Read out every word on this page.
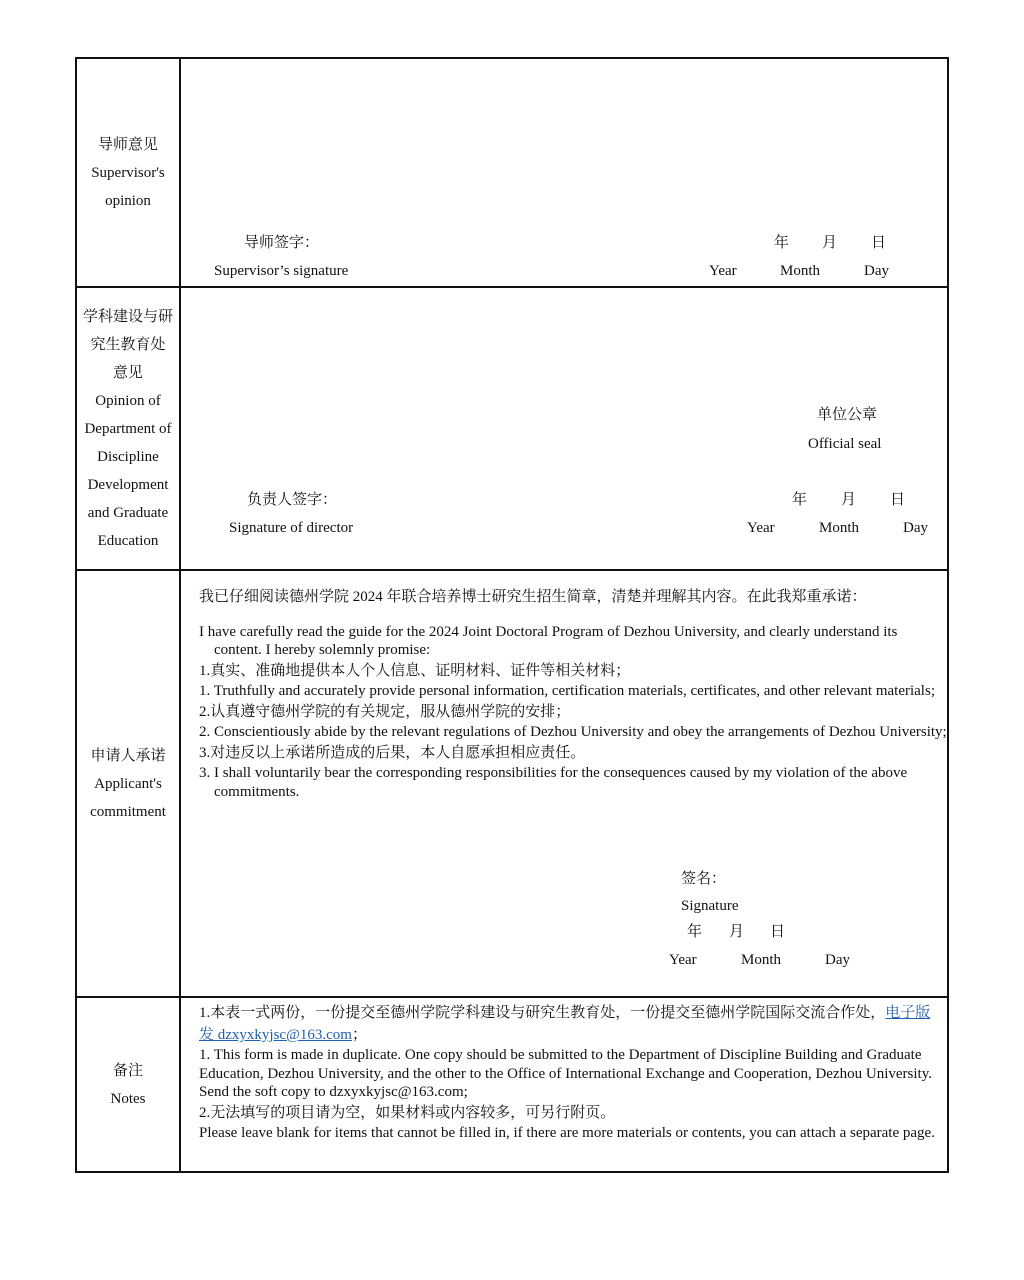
导师意见
Supervisor's
opinion
导师签字：
Supervisor’s signature
年 月 日
Year	Month	Day
学科建设与研
究生教育处
意见
Opinion of
Department of
Discipline
Development
and Graduate
Education
单位公章
Official seal
负责人签字：
Signature of director
年 月 日
Year	Month	Day
申请人承诺
Applicant's
commitment

我已仔细阅读德州学院 2024 年联合培养博士研究生招生简章，清楚并理解其内容。在此我郑重承诺：

I have carefully read the guide for the 2024 Joint Doctoral Program of Dezhou University, and clearly understand its content. I hereby solemnly promise:

1.真实、准确地提供本人个人信息、证明材料、证件等相关材料；

1. Truthfully and accurately provide personal information, certification materials, certificates, and other relevant materials;

2.认真遵守德州学院的有关规定，服从德州学院的安排；

2. Conscientiously abide by the relevant regulations of Dezhou University and obey the arrangements of Dezhou University;

3.对违反以上承诺所造成的后果，本人自愿承担相应责任。

3. I shall voluntarily bear the corresponding responsibilities for the consequences caused by my violation of the above commitments.

签名：
Signature
年 月 日
Year	Month	Day
备注
Notes

1.本表一式两份，一份提交至德州学院学科建设与研究生教育处，一份提交至德州学院国际交流合作处，电子版发 dzxyxkyjsc@163.com；

1. This form is made in duplicate. One copy should be submitted to the Department of Discipline Building and Graduate Education, Dezhou University, and the other to the Office of International Exchange and Cooperation, Dezhou University. Send the soft copy to dzxyxkyjsc@163.com;

2.无法填写的项目请为空，如果材料或内容较多，可另行附页。

Please leave blank for items that cannot be filled in, if there are more materials or contents, you can attach a separate page.
